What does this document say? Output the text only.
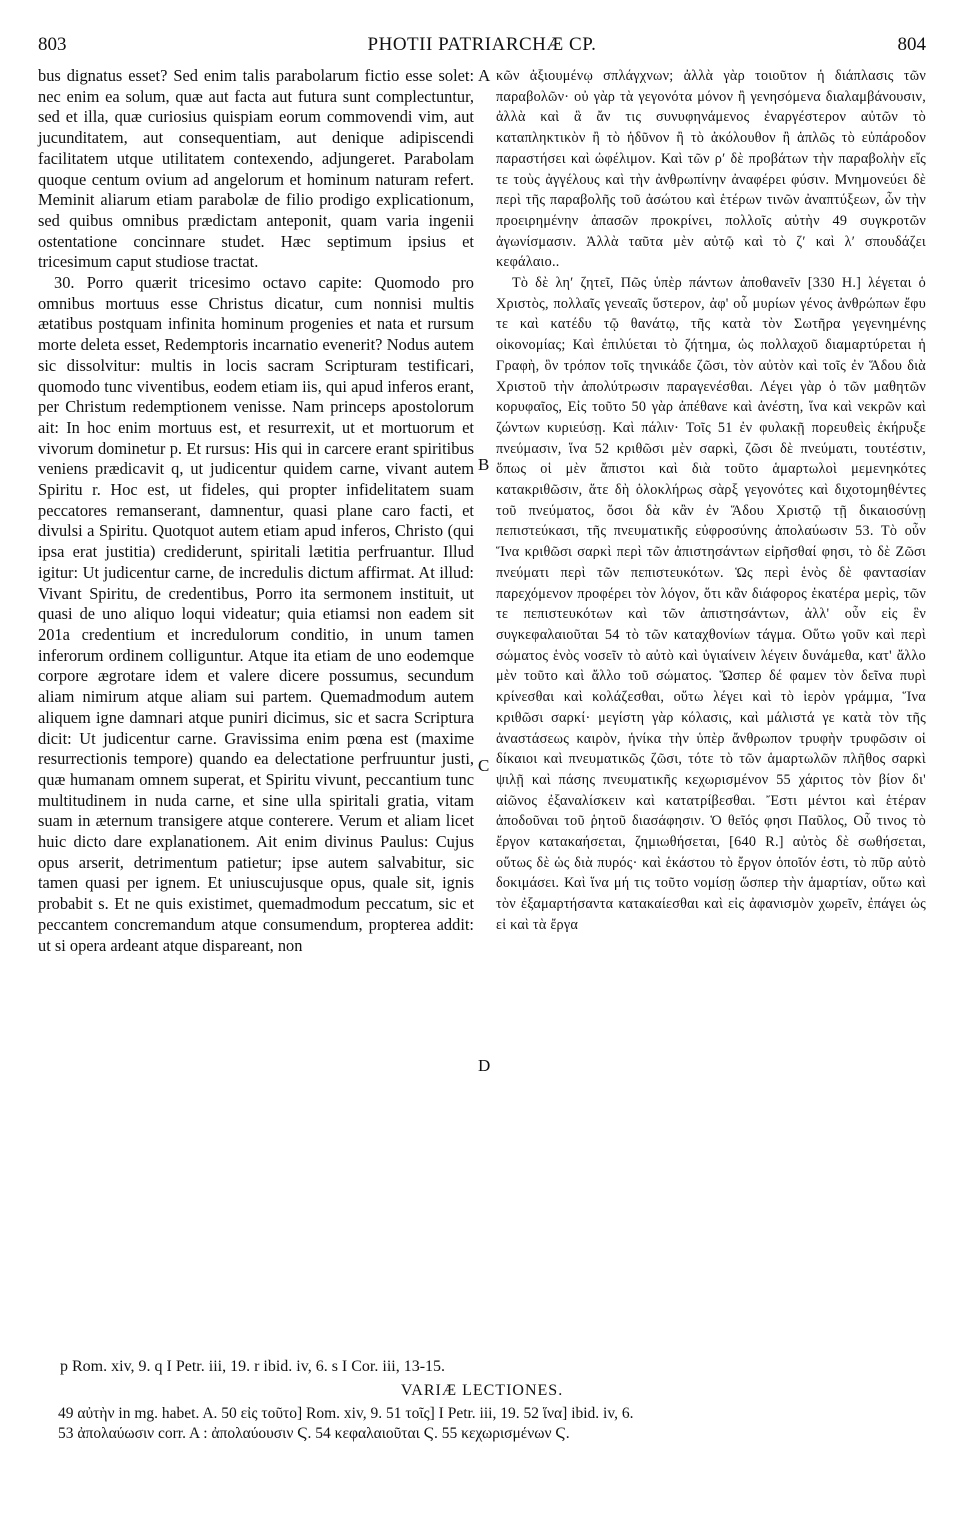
803	PHOTII PATRIARCHÆ CP.	804

bus dignatus esset? Sed enim talis parabolarum fictio esse solet: nec enim ea solum, quæ aut facta aut futura sunt complectuntur, sed et illa, quæ curiosius quispiam eorum commovendi vim, aut jucunditatem, aut consequentiam, aut denique adipiscendi facilitatem utque utilitatem contexendo, adjungeret. Parabolam quoque centum ovium ad angelorum et hominum naturam refert. Meminit aliarum etiam parabolæ de filio prodigo explicationum, sed quibus omnibus prædictam anteponit, quam varia ingenii ostentatione concinnare studet. Hæc septimum ipsius et tricesimum caput studiose tractat.

30. Porro quærit tricesimo octavo capite: Quomodo pro omnibus mortuus esse Christus dicatur, cum nonnisi multis ætatibus postquam infinita hominum progenies et nata et rursum morte deleta esset, Redemptoris incarnatio evenerit? Nodus autem sic dissolvitur: multis in locis sacram Scripturam testificari, quomodo tunc viventibus, eodem etiam iis, qui apud inferos erant, per Christum redemptionem venisse. Nam princeps apostolorum ait: In hoc enim mortuus est, et resurrexit, ut et mortuorum et vivorum dominetur p. Et rursus: His qui in carcere erant spiritibus veniens prædicavit q, ut judicentur quidem carne, vivant autem Spiritu r. Hoc est, ut fideles, qui propter infidelitatem suam peccatores remanserant, damnentur, quasi plane caro facti, et divulsi a Spiritu. Quotquot autem etiam apud inferos, Christo (qui ipsa erat justitia) crediderunt, spiritali lætitia perfruantur. Illud igitur: Ut judicentur carne, de incredulis dictum affirmat. At illud: Vivant Spiritu, de credentibus, Porro ita sermonem instituit, ut quasi de uno aliquo loqui videatur; quia etiamsi non eadem sit 201a credentium et incredulorum conditio, in unum tamen inferorum ordinem colliguntur. Atque ita etiam de uno eodemque corpore ægrotare idem et valere dicere possumus, secundum aliam nimirum atque aliam sui partem. Quemadmodum autem aliquem igne damnari atque puniri dicimus, sic et sacra Scriptura dicit: Ut judicentur carne. Gravissima enim pœna est (maxime resurrectionis tempore) quando ea delectatione perfruuntur justi, quæ humanam omnem superat, et Spiritu vivunt, peccantium tunc multitudinem in nuda carne, et sine ulla spiritali gratia, vitam suam in æternum transigere atque conterere. Verum et aliam licet huic dicto dare explanationem. Ait enim divinus Paulus: Cujus opus arserit, detrimentum patietur; ipse autem salvabitur, sic tamen quasi per ignem. Et uniuscujusque opus, quale sit, ignis probabit s. Et ne quis existimet, quemadmodum peccatum, sic et peccantem concremandum atque consumendum, propterea addit: ut si opera ardeant atque dispareant, non

A
B
C
D

κῶν ἀξιουμένῳ σπλάγχνων; ἀλλὰ γὰρ τοιοῦτον ἡ διάπλασις τῶν παραβολῶν· οὐ γὰρ τὰ γεγονότα μόνον ἢ γενησόμενα διαλαμβάνουσιν, ἀλλὰ καὶ ἃ ἄν τις συνυφηνάμενος ἐναργέστερον αὐτῶν τὸ καταπληκτικὸν ἢ τὸ ἡδῦνον ἢ τὸ ἀκόλουθον ἢ ἁπλῶς τὸ εὐπάροδον παραστήσει καὶ ὠφέλιμον. Καὶ τῶν ρʹ δὲ προβάτων τὴν παραβολὴν εἴς τε τοὺς ἀγγέλους καὶ τὴν ἀνθρωπίνην ἀναφέρει φύσιν. Μνημονεύει δὲ περὶ τῆς παραβολῆς τοῦ ἀσώτου καὶ ἑτέρων τινῶν ἀναπτύξεων, ὧν τὴν προειρημένην ἁπασῶν προκρίνει, πολλοῖς αὐτὴν 49 συγκροτῶν ἀγωνίσμασιν. Ἀλλὰ ταῦτα μὲν αὐτῷ καὶ τὸ ζʹ καὶ λʹ σπουδάζει κεφάλαιο..

Τὸ δὲ ληʹ ζητεῖ, Πῶς ὑπὲρ πάντων ἀποθανεῖν [330 H.] λέγεται ὁ Χριστὸς, πολλαῖς γενεαῖς ὕστερον, ἀφ' οὗ μυρίων γένος ἀνθρώπων ἔφυ τε καὶ κατέδυ τῷ θανάτῳ, τῆς κατὰ τὸν Σωτῆρα γεγενημένης οἰκονομίας; Καὶ ἐπιλύεται τὸ ζήτημα, ὡς πολλαχοῦ διαμαρτύρεται ἡ Γραφὴ, ὃν τρόπον τοῖς τηνικάδε ζῶσι, τὸν αὐτὸν καὶ τοῖς ἐν Ἅδου διὰ Χριστοῦ τὴν ἀπολύτρωσιν παραγενέσθαι. Λέγει γὰρ ὁ τῶν μαθητῶν κορυφαῖος, Εἰς τοῦτο 50 γὰρ ἀπέθανε καὶ ἀνέστη, ἵνα καὶ νεκρῶν καὶ ζώντων κυριεύσῃ. Καὶ πάλιν· Τοῖς 51 ἐν φυλακῇ πορευθεὶς ἐκήρυξε πνεύμασιν, ἵνα 52 κριθῶσι μὲν σαρκὶ, ζῶσι δὲ πνεύματι, τουτέστιν, ὅπως οἱ μὲν ἄπιστοι καὶ διὰ τοῦτο ἁμαρτωλοὶ μεμενηκότες κατακριθῶσιν, ἅτε δὴ ὁλοκλήρως σὰρξ γεγονότες καὶ διχοτομηθέντες τοῦ πνεύματος, ὅσοι δὰ κἂν ἐν Ἅδου Χριστῷ τῇ δικαιοσύνῃ πεπιστεύκασι, τῆς πνευματικῆς εὐφροσύνης ἀπολαύωσιν 53. Τὸ οὖν Ἵνα κριθῶσι σαρκὶ περὶ τῶν ἀπιστησάντων εἰρῆσθαί φησι, τὸ δὲ Ζῶσι πνεύματι περὶ τῶν πεπιστευκότων. Ὡς περὶ ἑνὸς δὲ φαντασίαν παρεχόμενον προφέρει τὸν λόγον, ὅτι κἂν διάφορος ἑκατέρα μερὶς, τῶν τε πεπιστευκότων καὶ τῶν ἀπιστησάντων, ἀλλ' οὖν εἰς ἓν συγκεφαλαιοῦται 54 τὸ τῶν καταχθονίων τάγμα. Οὕτω γοῦν καὶ περὶ σώματος ἑνὸς νοσεῖν τὸ αὐτὸ καὶ ὑγιαίνειν λέγειν δυνάμεθα, κατ' ἄλλο μὲν τοῦτο καὶ ἄλλο τοῦ σώματος. Ὥσπερ δέ φαμεν τὸν δεῖνα πυρὶ κρίνεσθαι καὶ κολάζεσθαι, οὕτω λέγει καὶ τὸ ἱερὸν γράμμα, Ἵνα κριθῶσι σαρκί· μεγίστη γὰρ κόλασις, καὶ μάλιστά γε κατὰ τὸν τῆς ἀναστάσεως καιρὸν, ἡνίκα τὴν ὑπὲρ ἄνθρωπον τρυφὴν τρυφῶσιν οἱ δίκαιοι καὶ πνευματικῶς ζῶσι, τότε τὸ τῶν ἁμαρτωλῶν πλῆθος σαρκὶ ψιλῇ καὶ πάσης πνευματικῆς κεχωρισμένον 55 χάριτος τὸν βίον δι' αἰῶνος ἐξαναλίσκειν καὶ κατατρίβεσθαι. Ἔστι μέντοι καὶ ἑτέραν ἀποδοῦναι τοῦ ῥητοῦ διασάφησιν. Ὁ θεῖός φησι Παῦλος, Οὗ τινος τὸ ἔργον κατακαήσεται, ζημιωθήσεται, [640 R.] αὐτὸς δὲ σωθήσεται, οὕτως δὲ ὡς διὰ πυρός· καὶ ἑκάστου τὸ ἔργον ὁποῖόν ἐστι, τὸ πῦρ αὐτὸ δοκιμάσει. Καὶ ἵνα μή τις τοῦτο νομίσῃ ὥσπερ τὴν ἁμαρτίαν, οὕτω καὶ τὸν ἐξαμαρτήσαντα κατακαίεσθαι καὶ εἰς ἀφανισμὸν χωρεῖν, ἐπάγει ὡς εἰ καὶ τὰ ἔργα

p Rom. xiv, 9. q I Petr. iii, 19. r ibid. iv, 6. s I Cor. iii, 13-15.
VARIÆ LECTIONES.
49 αὐτὴν in mg. habet. A. 50 εἰς τοῦτο] Rom. xiv, 9. 51 τοῖς] I Petr. iii, 19. 52 ἵνα] ibid. iv, 6.
53 ἀπολαύωσιν corr. A : ἀπολαύουσιν Ϛ. 54 κεφαλαιοῦται Ϛ. 55 κεχωρισμένων Ϛ.
